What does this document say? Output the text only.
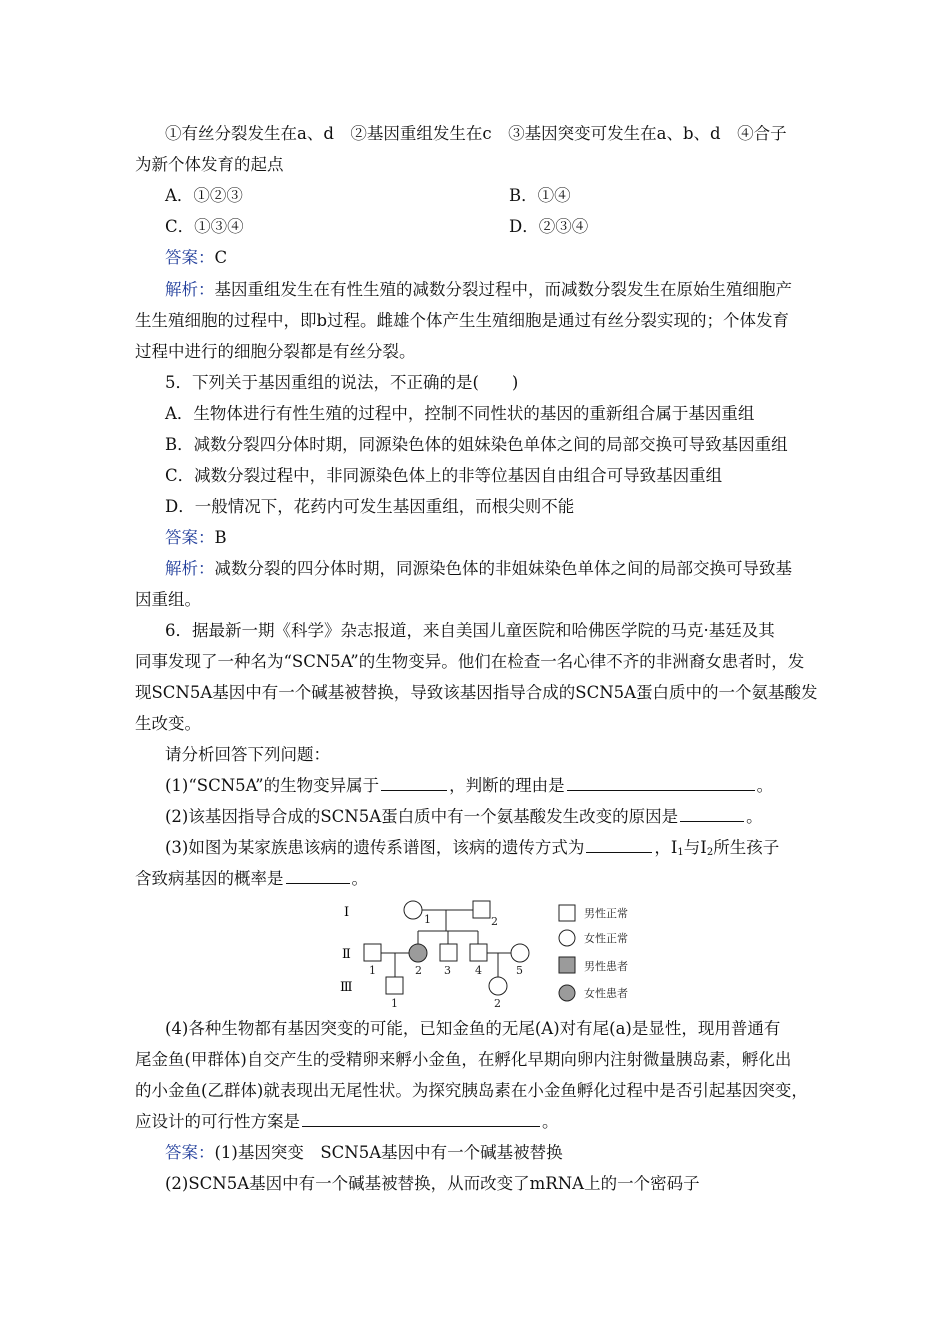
①有丝分裂发生在a、d　②基因重组发生在c　③基因突变可发生在a、b、d　④合子
为新个体发育的起点
A．①②③	B．①④
C．①③④	D．②③④
答案：C
解析：基因重组发生在有性生殖的减数分裂过程中，而减数分裂发生在原始生殖细胞产
生生殖细胞的过程中，即b过程。雌雄个体产生生殖细胞是通过有丝分裂实现的；个体发育
过程中进行的细胞分裂都是有丝分裂。
5．下列关于基因重组的说法，不正确的是(　　)
A．生物体进行有性生殖的过程中，控制不同性状的基因的重新组合属于基因重组
B．减数分裂四分体时期，同源染色体的姐妹染色单体之间的局部交换可导致基因重组
C．减数分裂过程中，非同源染色体上的非等位基因自由组合可导致基因重组
D．一般情况下，花药内可发生基因重组，而根尖则不能
答案：B
解析：减数分裂的四分体时期，同源染色体的非姐妹染色单体之间的局部交换可导致基
因重组。
6．据最新一期《科学》杂志报道，来自美国儿童医院和哈佛医学院的马克·基廷及其
同事发现了一种名为“SCN5A”的生物变异。他们在检查一名心律不齐的非洲裔女患者时，发
现SCN5A基因中有一个碱基被替换，导致该基因指导合成的SCN5A蛋白质中的一个氨基酸发
生改变。
请分析回答下列问题：
(1)“SCN5A”的生物变异属于	，判断的理由是	。
(2)该基因指导合成的SCN5A蛋白质中有一个氨基酸发生改变的原因是	。
(3)如图为某家族患该病的遗传系谱图，该病的遗传方式为	，$I_1$与$I_2$所生孩子
含致病基因的概率是	。
Ⅰ
Ⅱ
Ⅲ
1	2
1	2 3 4	5
1	2
男性正常
女性正常
男性患者
女性患者
(4)各种生物都有基因突变的可能，已知金鱼的无尾(A)对有尾(a)是显性，现用普通有
尾金鱼(甲群体)自交产生的受精卵来孵小金鱼，在孵化早期向卵内注射微量胰岛素，孵化出
的小金鱼(乙群体)就表现出无尾性状。为探究胰岛素在小金鱼孵化过程中是否引起基因突变，
应设计的可行性方案是	。
答案：(1)基因突变　SCN5A基因中有一个碱基被替换
(2)SCN5A基因中有一个碱基被替换，从而改变了mRNA上的一个密码子
